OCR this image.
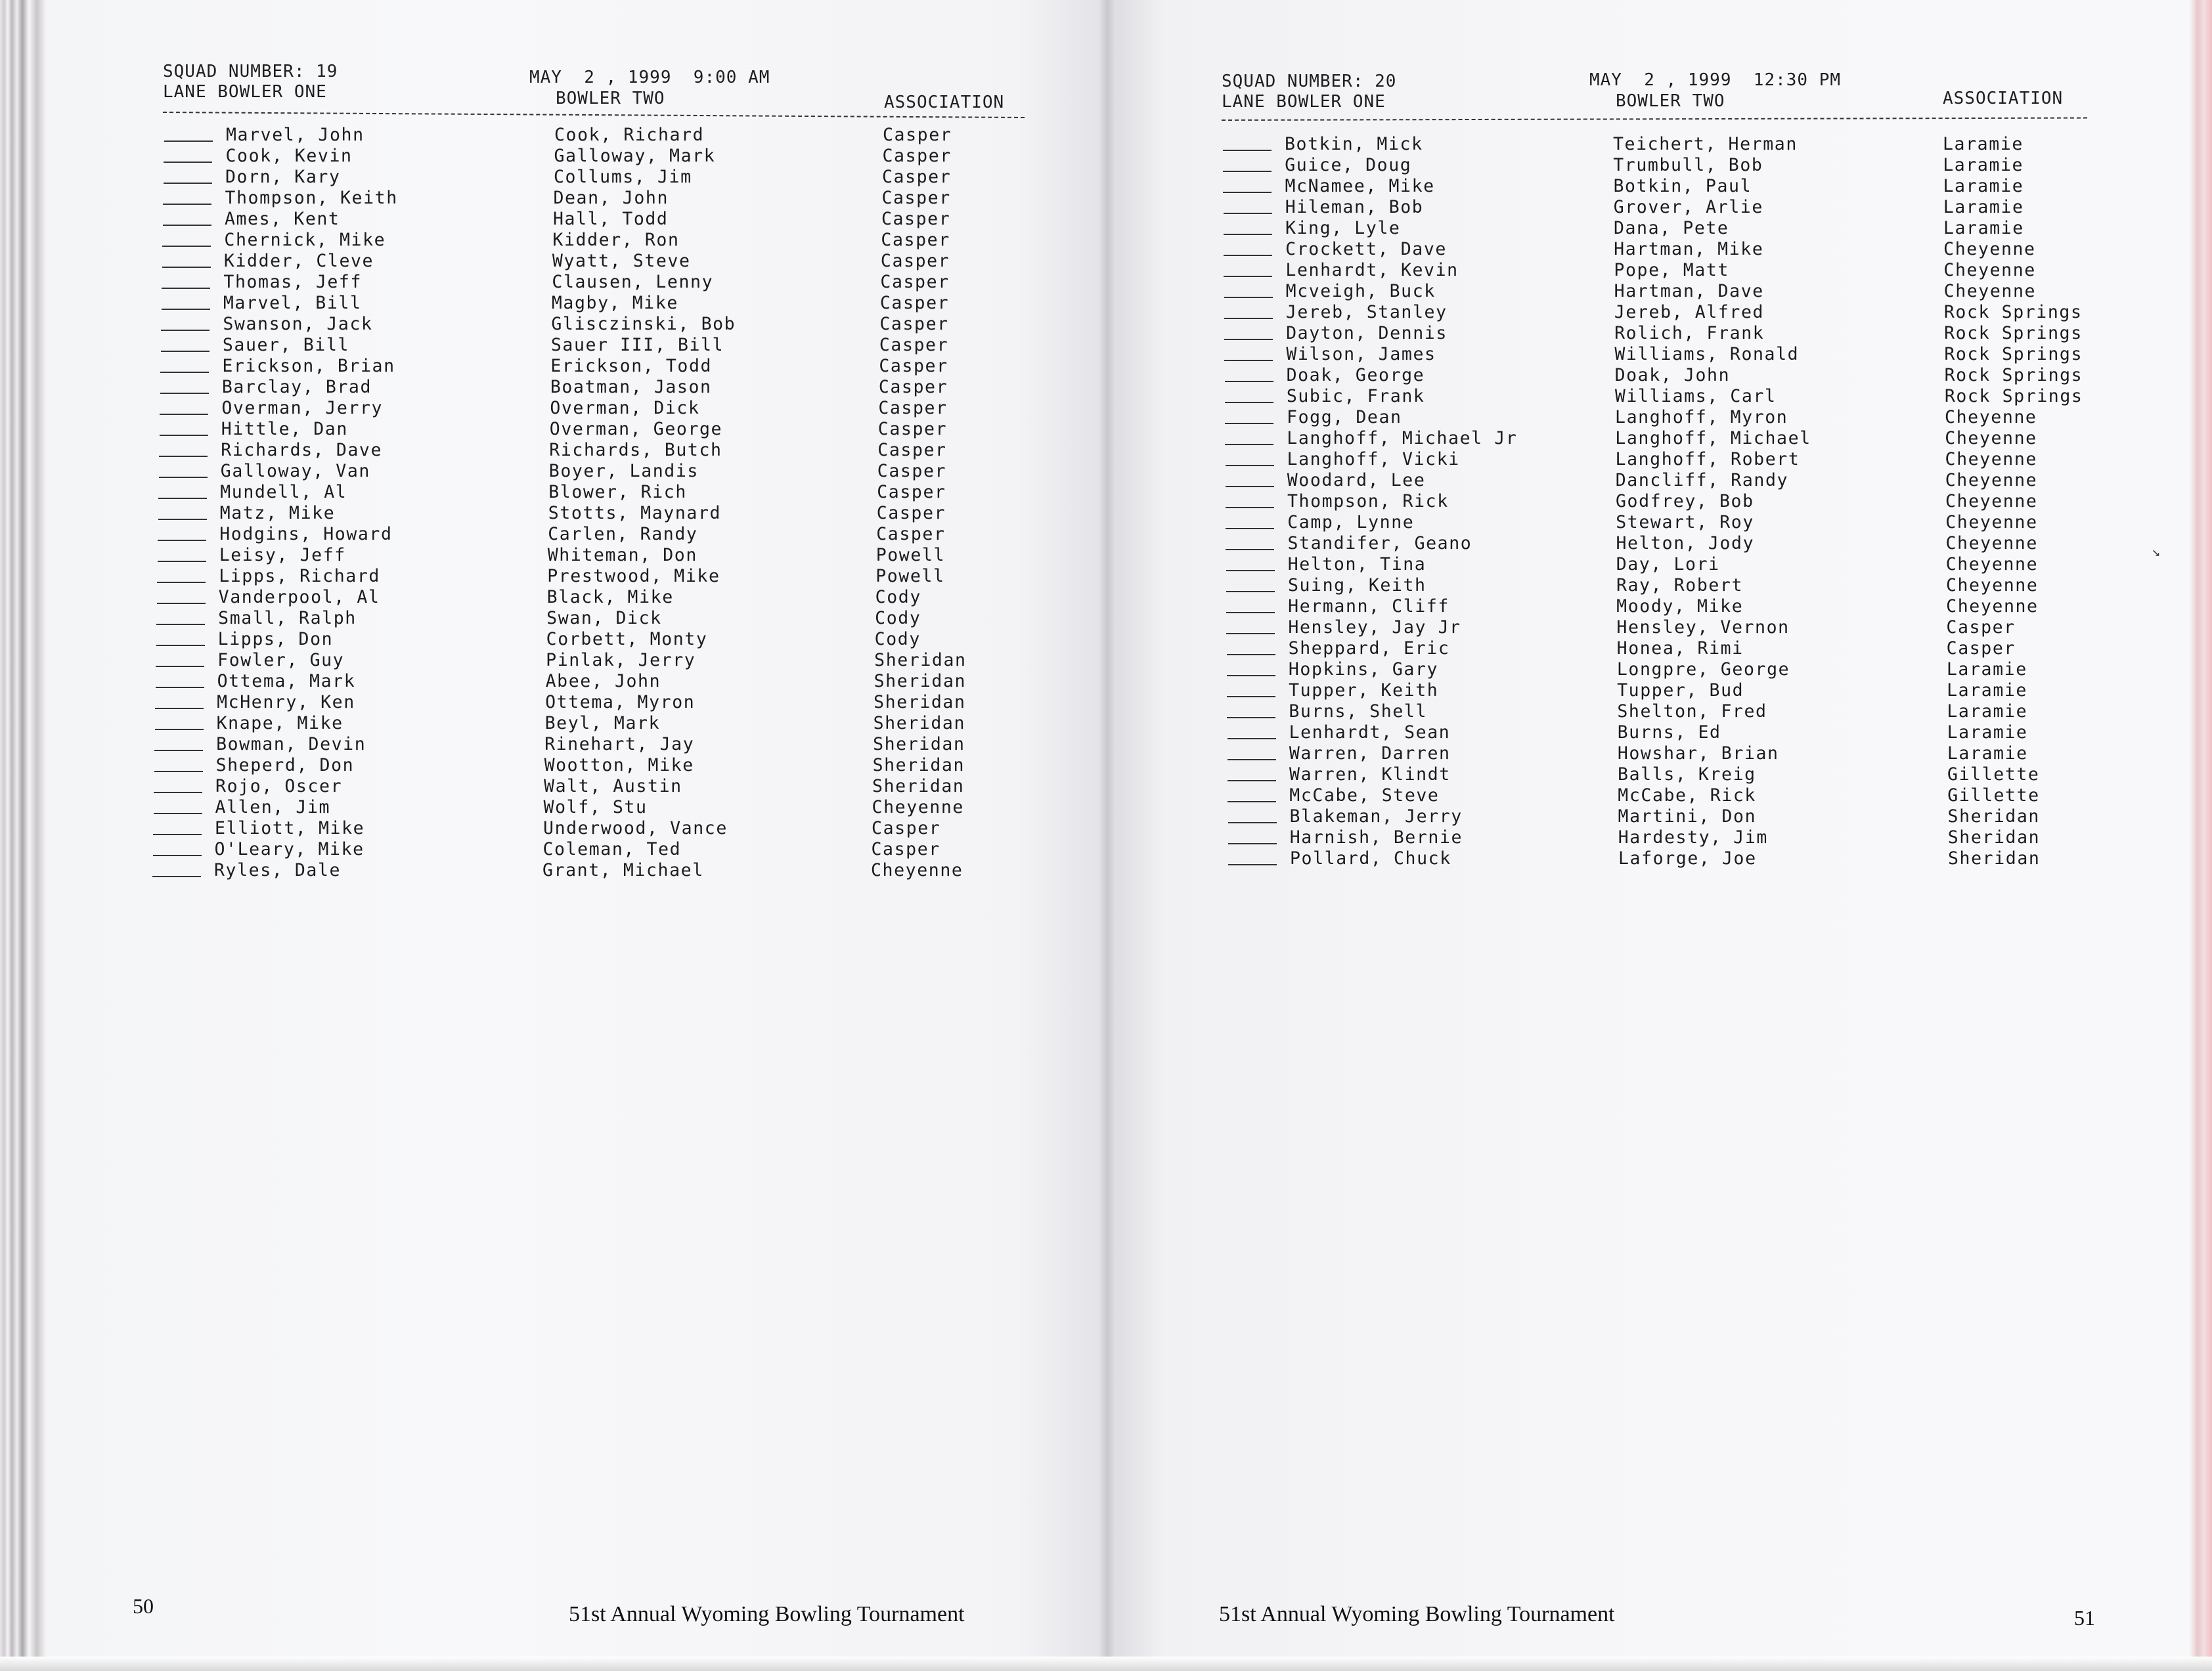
SQUAD NUMBER: 19	MAY  2 , 1999  9:00 AM
LANE BOWLER ONE	BOWLER TWO	ASSOCIATION
Marvel, John	Cook, Richard	Casper
Cook, Kevin	Galloway, Mark	Casper
Dorn, Kary	Collums, Jim	Casper
Thompson, Keith	Dean, John	Casper
Ames, Kent	Hall, Todd	Casper
Chernick, Mike	Kidder, Ron	Casper
Kidder, Cleve	Wyatt, Steve	Casper
Thomas, Jeff	Clausen, Lenny	Casper
Marvel, Bill	Magby, Mike	Casper
Swanson, Jack	Glisczinski, Bob	Casper
Sauer, Bill	Sauer III, Bill	Casper
Erickson, Brian	Erickson, Todd	Casper
Barclay, Brad	Boatman, Jason	Casper
Overman, Jerry	Overman, Dick	Casper
Hittle, Dan	Overman, George	Casper
Richards, Dave	Richards, Butch	Casper
Galloway, Van	Boyer, Landis	Casper
Mundell, Al	Blower, Rich	Casper
Matz, Mike	Stotts, Maynard	Casper
Hodgins, Howard	Carlen, Randy	Casper
Leisy, Jeff	Whiteman, Don	Powell
Lipps, Richard	Prestwood, Mike	Powell
Vanderpool, Al	Black, Mike	Cody
Small, Ralph	Swan, Dick	Cody
Lipps, Don	Corbett, Monty	Cody
Fowler, Guy	Pinlak, Jerry	Sheridan
Ottema, Mark	Abee, John	Sheridan
McHenry, Ken	Ottema, Myron	Sheridan
Knape, Mike	Beyl, Mark	Sheridan
Bowman, Devin	Rinehart, Jay	Sheridan
Sheperd, Don	Wootton, Mike	Sheridan
Rojo, Oscer	Walt, Austin	Sheridan
Allen, Jim	Wolf, Stu	Cheyenne
Elliott, Mike	Underwood, Vance	Casper
O'Leary, Mike	Coleman, Ted	Casper
Ryles, Dale	Grant, Michael	Cheyenne
SQUAD NUMBER: 20	MAY  2 , 1999  12:30 PM
LANE BOWLER ONE	BOWLER TWO	ASSOCIATION
Botkin, Mick	Teichert, Herman	Laramie
Guice, Doug	Trumbull, Bob	Laramie
McNamee, Mike	Botkin, Paul	Laramie
Hileman, Bob	Grover, Arlie	Laramie
King, Lyle	Dana, Pete	Laramie
Crockett, Dave	Hartman, Mike	Cheyenne
Lenhardt, Kevin	Pope, Matt	Cheyenne
Mcveigh, Buck	Hartman, Dave	Cheyenne
Jereb, Stanley	Jereb, Alfred	Rock Springs
Dayton, Dennis	Rolich, Frank	Rock Springs
Wilson, James	Williams, Ronald	Rock Springs
Doak, George	Doak, John	Rock Springs
Subic, Frank	Williams, Carl	Rock Springs
Fogg, Dean	Langhoff, Myron	Cheyenne
Langhoff, Michael Jr	Langhoff, Michael	Cheyenne
Langhoff, Vicki	Langhoff, Robert	Cheyenne
Woodard, Lee	Dancliff, Randy	Cheyenne
Thompson, Rick	Godfrey, Bob	Cheyenne
Camp, Lynne	Stewart, Roy	Cheyenne
Standifer, Geano	Helton, Jody	Cheyenne
Helton, Tina	Day, Lori	Cheyenne
Suing, Keith	Ray, Robert	Cheyenne
Hermann, Cliff	Moody, Mike	Cheyenne
Hensley, Jay Jr	Hensley, Vernon	Casper
Sheppard, Eric	Honea, Rimi	Casper
Hopkins, Gary	Longpre, George	Laramie
Tupper, Keith	Tupper, Bud	Laramie
Burns, Shell	Shelton, Fred	Laramie
Lenhardt, Sean	Burns, Ed	Laramie
Warren, Darren	Howshar, Brian	Laramie
Warren, Klindt	Balls, Kreig	Gillette
McCabe, Steve	McCabe, Rick	Gillette
Blakeman, Jerry	Martini, Don	Sheridan
Harnish, Bernie	Hardesty, Jim	Sheridan
Pollard, Chuck	Laforge, Joe	Sheridan
50	51st Annual Wyoming Bowling Tournament	51st Annual Wyoming Bowling Tournament	51
↘
